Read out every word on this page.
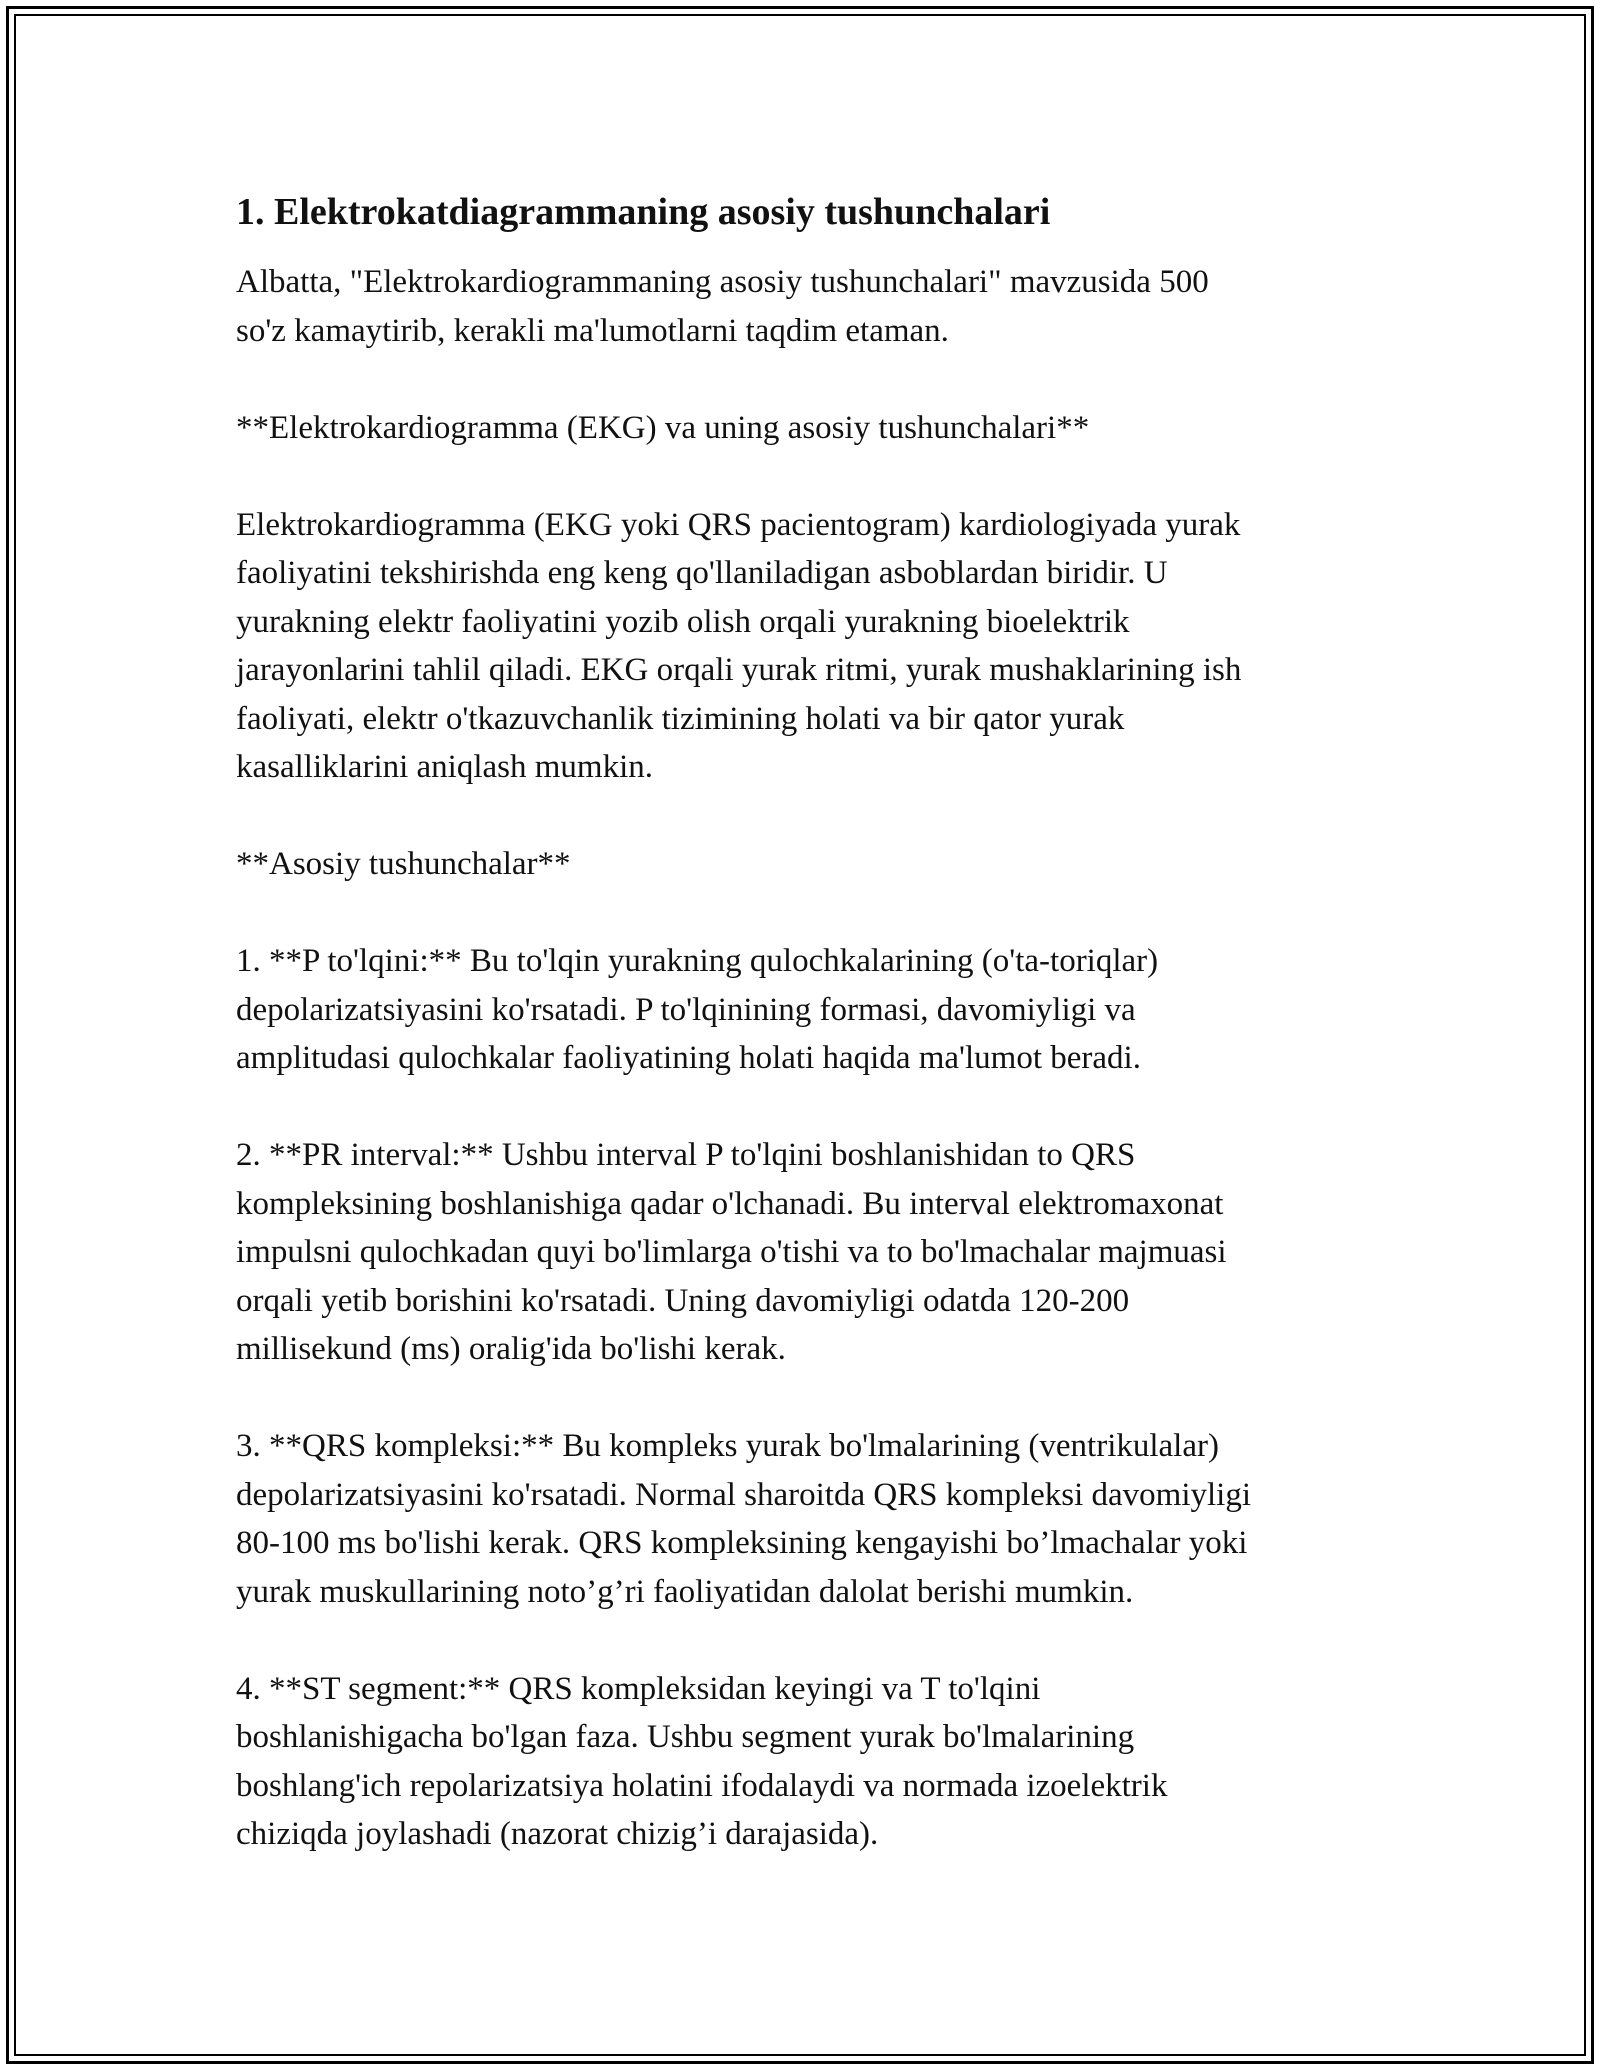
1. Elektrokatdiagrammaning asosiy tushunchalari

Albatta, "Elektrokardiogrammaning asosiy tushunchalari" mavzusida 500
so'z kamaytirib, kerakli ma'lumotlarni taqdim etaman.

**Elektrokardiogramma (EKG) va uning asosiy tushunchalari**

Elektrokardiogramma (EKG yoki QRS pacientogram) kardiologiyada yurak
faoliyatini tekshirishda eng keng qo'llaniladigan asboblardan biridir. U
yurakning elektr faoliyatini yozib olish orqali yurakning bioelektrik
jarayonlarini tahlil qiladi. EKG orqali yurak ritmi, yurak mushaklarining ish
faoliyati, elektr o'tkazuvchanlik tizimining holati va bir qator yurak
kasalliklarini aniqlash mumkin.

**Asosiy tushunchalar**

1. **P to'lqini:** Bu to'lqin yurakning qulochkalarining (o'ta-toriqlar)
depolarizatsiyasini ko'rsatadi. P to'lqinining formasi, davomiyligi va
amplitudasi qulochkalar faoliyatining holati haqida ma'lumot beradi.

2. **PR interval:** Ushbu interval P to'lqini boshlanishidan to QRS
kompleksining boshlanishiga qadar o'lchanadi. Bu interval elektromaxonat
impulsni qulochkadan quyi bo'limlarga o'tishi va to bo'lmachalar majmuasi
orqali yetib borishini ko'rsatadi. Uning davomiyligi odatda 120-200
millisekund (ms) oralig'ida bo'lishi kerak.

3. **QRS kompleksi:** Bu kompleks yurak bo'lmalarining (ventrikulalar)
depolarizatsiyasini ko'rsatadi. Normal sharoitda QRS kompleksi davomiyligi
80-100 ms bo'lishi kerak. QRS kompleksining kengayishi bo’lmachalar yoki
yurak muskullarining noto’g’ri faoliyatidan dalolat berishi mumkin.

4. **ST segment:** QRS kompleksidan keyingi va T to'lqini
boshlanishigacha bo'lgan faza. Ushbu segment yurak bo'lmalarining
boshlang'ich repolarizatsiya holatini ifodalaydi va normada izoelektrik
chiziqda joylashadi (nazorat chizig’i darajasida).
